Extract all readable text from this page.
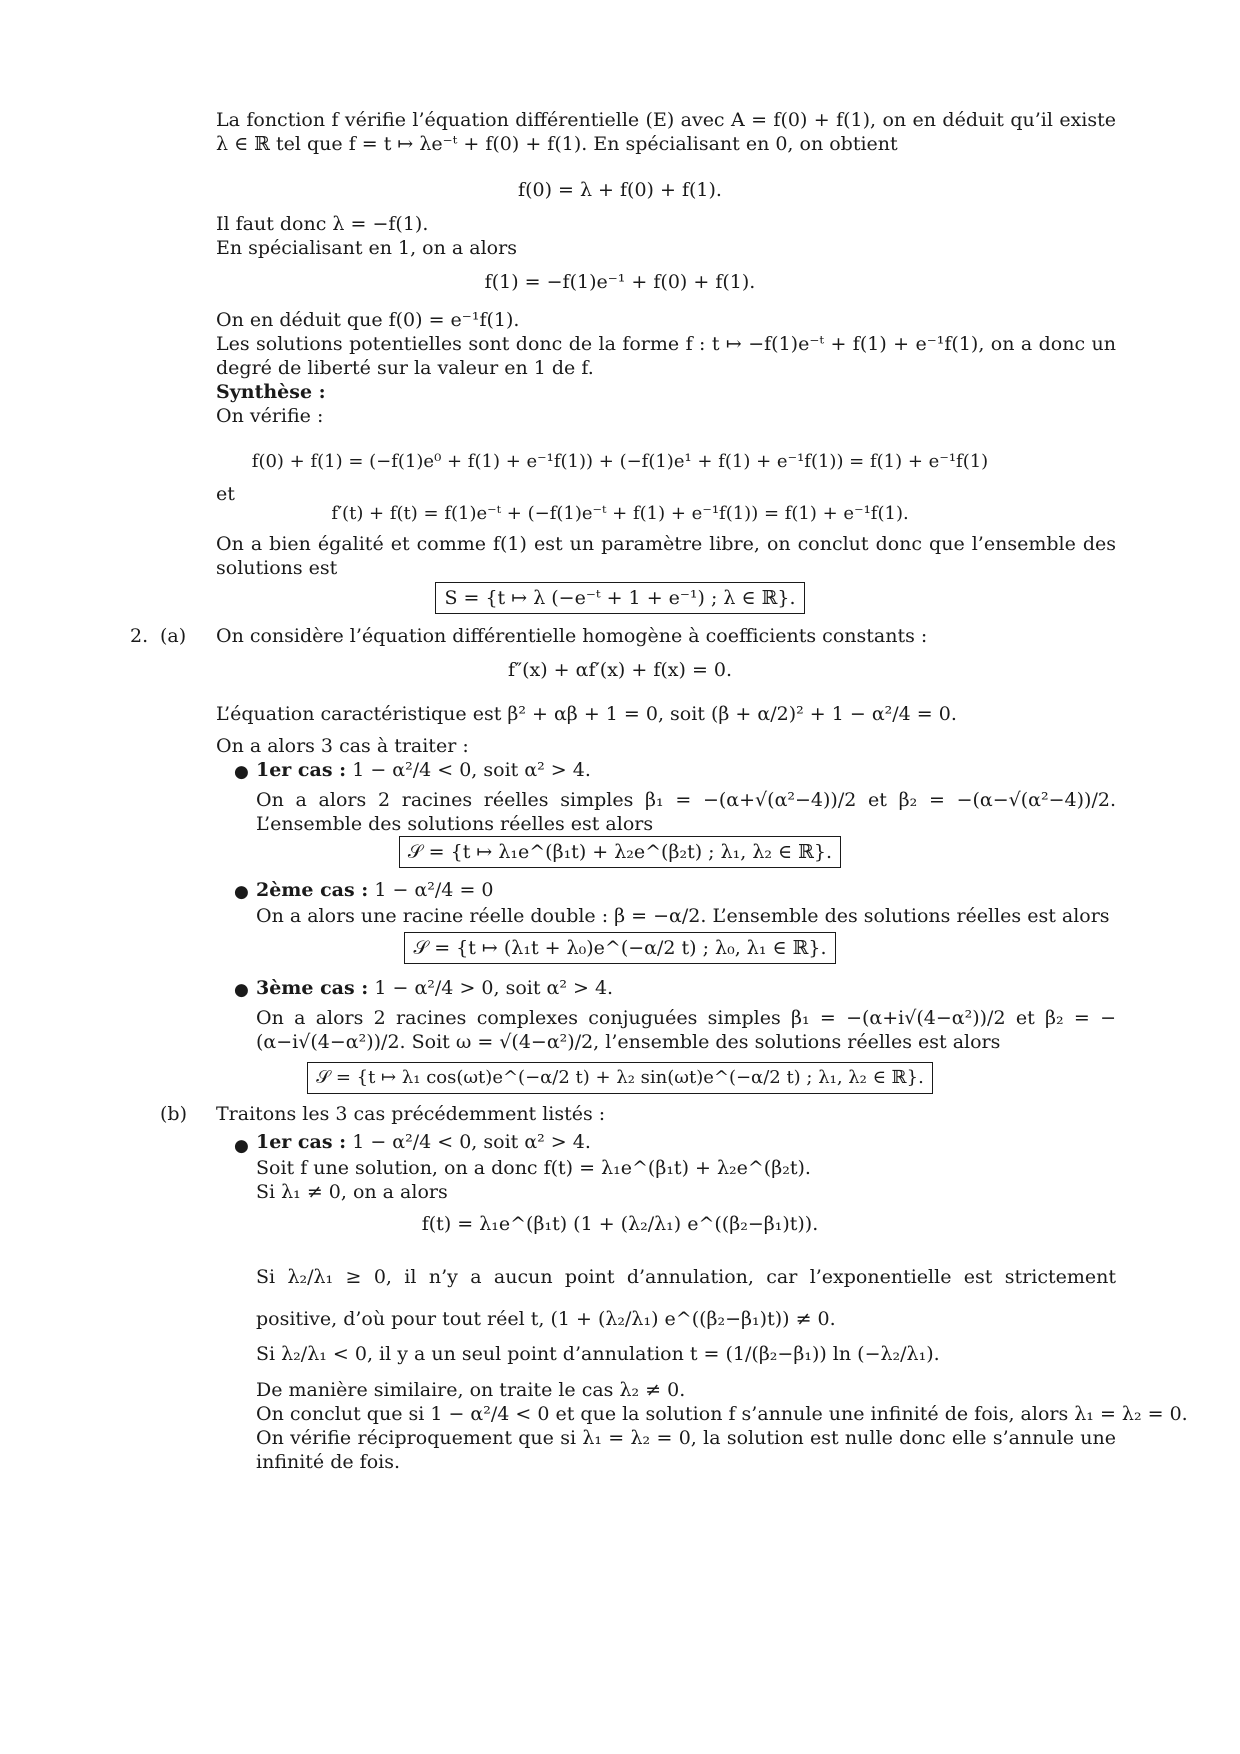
La fonction f vérifie l’équation différentielle (E) avec A = f(0) + f(1), on en déduit qu’il existe λ ∈ ℝ tel que f = t ↦ λe⁻ᵗ + f(0) + f(1). En spécialisant en 0, on obtient
f(0) = λ + f(0) + f(1).
Il faut donc λ = −f(1).
En spécialisant en 1, on a alors
f(1) = −f(1)e⁻¹ + f(0) + f(1).
On en déduit que f(0) = e⁻¹f(1).
Les solutions potentielles sont donc de la forme f : t ↦ −f(1)e⁻ᵗ + f(1) + e⁻¹f(1), on a donc un degré de liberté sur la valeur en 1 de f.
Synthèse :
On vérifie :
f(0) + f(1) = (−f(1)e⁰ + f(1) + e⁻¹f(1)) + (−f(1)e¹ + f(1) + e⁻¹f(1)) = f(1) + e⁻¹f(1)
et
f′(t) + f(t) = f(1)e⁻ᵗ + (−f(1)e⁻ᵗ + f(1) + e⁻¹f(1)) = f(1) + e⁻¹f(1).
On a bien égalité et comme f(1) est un paramètre libre, on conclut donc que l’ensemble des solutions est
S = {t ↦ λ (−e⁻ᵗ + 1 + e⁻¹) ; λ ∈ ℝ}.
2. (a) On considère l’équation différentielle homogène à coefficients constants :
f″(x) + αf′(x) + f(x) = 0.
L’équation caractéristique est β² + αβ + 1 = 0, soit (β + α/2)² + 1 − α²/4 = 0.
On a alors 3 cas à traiter :
● 1er cas : 1 − α²/4 < 0, soit α² > 4.
On a alors 2 racines réelles simples β₁ = −(α+√(α²−4))/2 et β₂ = −(α−√(α²−4))/2. L’ensemble des solutions réelles est alors
𝒮 = {t ↦ λ₁e^(β₁t) + λ₂e^(β₂t) ; λ₁, λ₂ ∈ ℝ}.
● 2ème cas : 1 − α²/4 = 0
On a alors une racine réelle double : β = −α/2. L’ensemble des solutions réelles est alors
𝒮 = {t ↦ (λ₁t + λ₀)e^(−α/2 t) ; λ₀, λ₁ ∈ ℝ}.
● 3ème cas : 1 − α²/4 > 0, soit α² > 4.
On a alors 2 racines complexes conjuguées simples β₁ = −(α+i√(4−α²))/2 et β₂ = −(α−i√(4−α²))/2. Soit ω = √(4−α²)/2, l’ensemble des solutions réelles est alors
𝒮 = {t ↦ λ₁ cos(ωt)e^(−α/2 t) + λ₂ sin(ωt)e^(−α/2 t) ; λ₁, λ₂ ∈ ℝ}.
(b) Traitons les 3 cas précédemment listés :
● 1er cas : 1 − α²/4 < 0, soit α² > 4.
Soit f une solution, on a donc f(t) = λ₁e^(β₁t) + λ₂e^(β₂t).
Si λ₁ ≠ 0, on a alors
f(t) = λ₁e^(β₁t) (1 + (λ₂/λ₁) e^((β₂−β₁)t)).
Si λ₂/λ₁ ≥ 0, il n’y a aucun point d’annulation, car l’exponentielle est strictement positive, d’où pour tout réel t, (1 + (λ₂/λ₁) e^((β₂−β₁)t)) ≠ 0.
Si λ₂/λ₁ < 0, il y a un seul point d’annulation t = (1/(β₂−β₁)) ln (−λ₂/λ₁).
De manière similaire, on traite le cas λ₂ ≠ 0.
On conclut que si 1 − α²/4 < 0 et que la solution f s’annule une infinité de fois, alors λ₁ = λ₂ = 0.
On vérifie réciproquement que si λ₁ = λ₂ = 0, la solution est nulle donc elle s’annule une infinité de fois.
